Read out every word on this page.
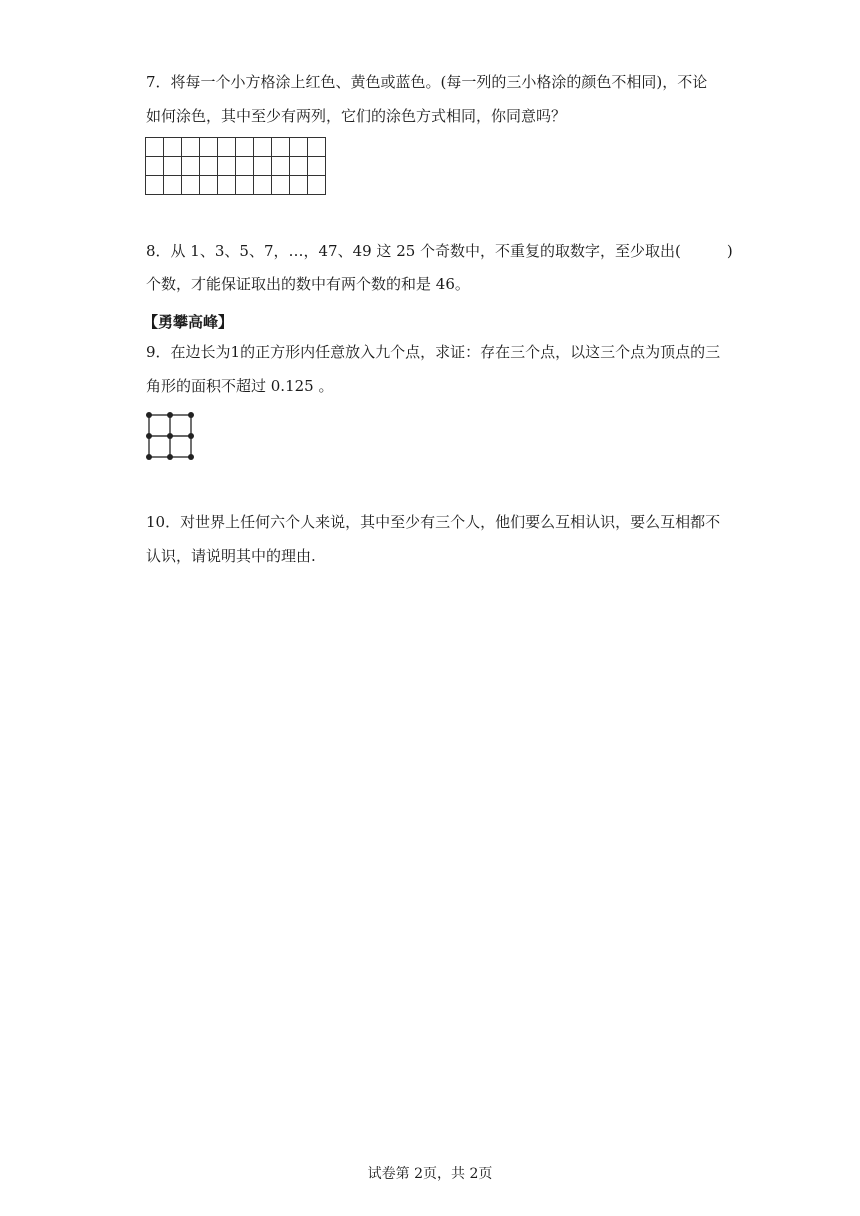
7．将每一个小方格涂上红色、黄色或蓝色。(每一列的三小格涂的颜色不相同)，不论
如何涂色，其中至少有两列，它们的涂色方式相同，你同意吗？

8．从 1、3、5、7，…，47、49 这 25 个奇数中，不重复的取数字，至少取出(	)
个数，才能保证取出的数中有两个数的和是 46。
【勇攀高峰】
9．在边长为1的正方形内任意放入九个点，求证：存在三个点，以这三个点为顶点的三
角形的面积不超过 0.125 。
10．对世界上任何六个人来说，其中至少有三个人，他们要么互相认识，要么互相都不
认识，请说明其中的理由.
试卷第 2页，共 2页
